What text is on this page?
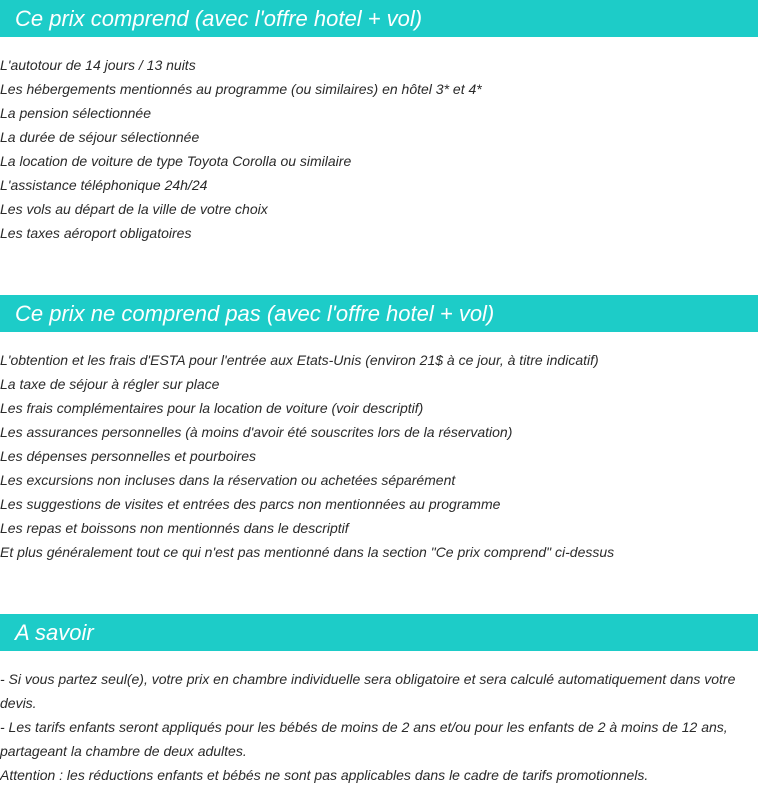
Ce prix comprend (avec l'offre hotel + vol)
L'autotour de 14 jours / 13 nuits
Les hébergements mentionnés au programme (ou similaires) en hôtel 3* et 4*
La pension sélectionnée
La durée de séjour sélectionnée
La location de voiture de type Toyota Corolla ou similaire
L'assistance téléphonique 24h/24
Les vols au départ de la ville de votre choix
Les taxes aéroport obligatoires
Ce prix ne comprend pas (avec l'offre hotel + vol)
L'obtention et les frais d'ESTA pour l'entrée aux Etats-Unis (environ 21$ à ce jour, à titre indicatif)
La taxe de séjour à régler sur place
Les frais complémentaires pour la location de voiture (voir descriptif)
Les assurances personnelles (à moins d'avoir été souscrites lors de la réservation)
Les dépenses personnelles et pourboires
Les excursions non incluses dans la réservation ou achetées séparément
Les suggestions de visites et entrées des parcs non mentionnées au programme
Les repas et boissons non mentionnés dans le descriptif
Et plus généralement tout ce qui n'est pas mentionné dans la section "Ce prix comprend" ci-dessus
A savoir

- Si vous partez seul(e), votre prix en chambre individuelle sera obligatoire et sera calculé automatiquement dans votre devis.

- Les tarifs enfants seront appliqués pour les bébés de moins de 2 ans et/ou pour les enfants de 2 à moins de 12 ans, partageant la chambre de deux adultes.

Attention : les réductions enfants et bébés ne sont pas applicables dans le cadre de tarifs promotionnels.
